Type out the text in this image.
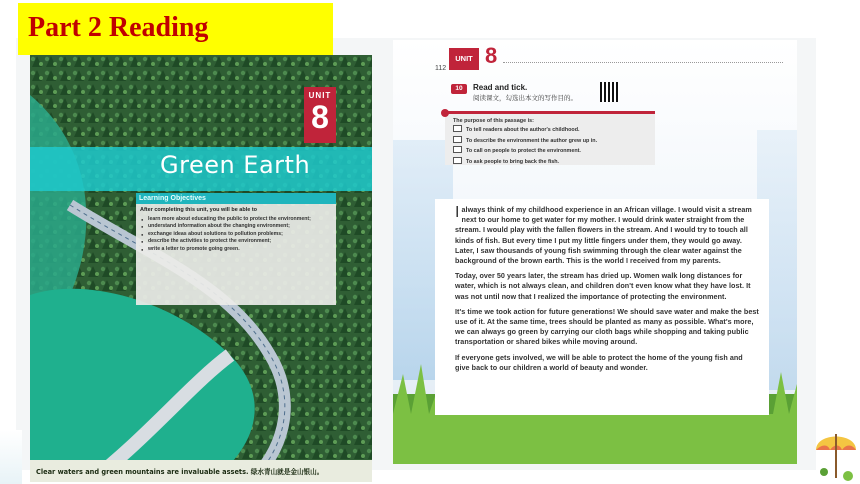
Part 2 Reading
UNIT
8
Green Earth
Learning Objectives
After completing this unit, you will be able to
● learn more about educating the public to protect the environment;
● understand information about the changing environment;
● exchange ideas about solutions to pollution problems;
● describe the activities to protect the environment;
● write a letter to promote going green.
Clear waters and green mountains are invaluable assets. 绿水青山就是金山银山。
112
UNIT 8
10	Read and tick.
阅读课文，勾选出本文的写作目的。
The purpose of this passage is:
To tell readers about the author's childhood.
To describe the environment the author grew up in.
To call on people to protect the environment.
To ask people to bring back the fish.

Ialways think of my childhood experience in an African village. I would visit a stream next to our home to get water for my mother. I would drink water straight from the stream. I would play with the fallen flowers in the stream. And I would try to touch all kinds of fish. But every time I put my little fingers under them, they would go away. Later, I saw thousands of young fish swimming through the clear water against the background of the brown earth. This is the world I received from my parents.

Today, over 50 years later, the stream has dried up. Women walk long distances for water, which is not always clean, and children don't even know what they have lost. It was not until now that I realized the importance of protecting the environment.

It's time we took action for future generations! We should save water and make the best use of it. At the same time, trees should be planted as many as possible. What's more, we can always go green by carrying our cloth bags while shopping and taking public transportation or shared bikes while moving around.

If everyone gets involved, we will be able to protect the home of the young fish and give back to our children a world of beauty and wonder.
